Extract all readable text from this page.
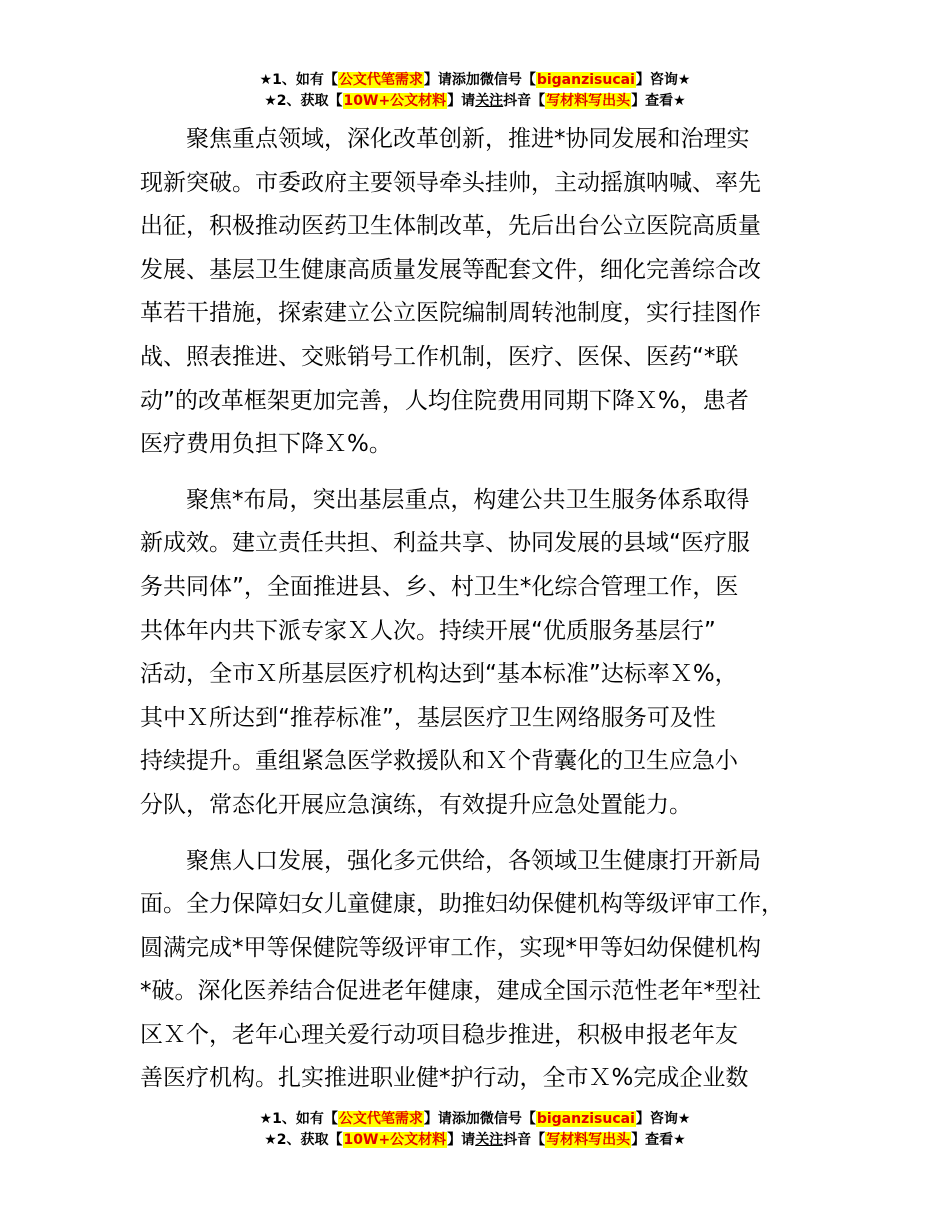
★1、如有【公文代笔需求】请添加微信号【biganzisucai】咨询★
★2、获取【10W+公文材料】请关注抖音【写材料写出头】查看★
聚焦重点领域，深化改革创新，推进*协同发展和治理实
现新突破。市委政府主要领导牵头挂帅，主动摇旗呐喊、率先
出征，积极推动医药卫生体制改革，先后出台公立医院高质量
发展、基层卫生健康高质量发展等配套文件，细化完善综合改
革若干措施，探索建立公立医院编制周转池制度，实行挂图作
战、照表推进、交账销号工作机制，医疗、医保、医药“*联
动”的改革框架更加完善，人均住院费用同期下降Ｘ%，患者
医疗费用负担下降Ｘ%。
聚焦*布局，突出基层重点，构建公共卫生服务体系取得
新成效。建立责任共担、利益共享、协同发展的县域“医疗服
务共同体”，全面推进县、乡、村卫生*化综合管理工作，医
共体年内共下派专家Ｘ人次。持续开展“优质服务基层行”
活动，全市Ｘ所基层医疗机构达到“基本标准”达标率Ｘ%，
其中Ｘ所达到“推荐标准”，基层医疗卫生网络服务可及性
持续提升。重组紧急医学救援队和Ｘ个背囊化的卫生应急小
分队，常态化开展应急演练，有效提升应急处置能力。
聚焦人口发展，强化多元供给，各领域卫生健康打开新局
面。全力保障妇女儿童健康，助推妇幼保健机构等级评审工作，
圆满完成*甲等保健院等级评审工作，实现*甲等妇幼保健机构
*破。深化医养结合促进老年健康，建成全国示范性老年*型社
区Ｘ个，老年心理关爱行动项目稳步推进，积极申报老年友
善医疗机构。扎实推进职业健*护行动，全市Ｘ%完成企业数
★1、如有【公文代笔需求】请添加微信号【biganzisucai】咨询★
★2、获取【10W+公文材料】请关注抖音【写材料写出头】查看★
